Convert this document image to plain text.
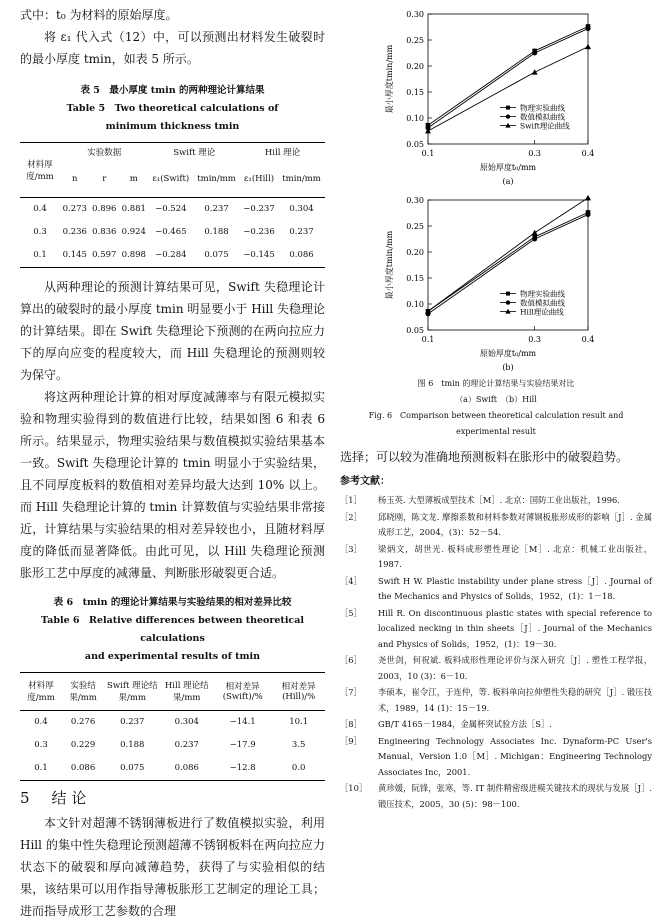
式中：t₀ 为材料的原始厚度。

将 ε₁ 代入式（12）中，可以预测出材料发生破裂时的最小厚度 tmin，如表 5 所示。

表 5　最小厚度 tmin 的两种理论计算结果
Table 5　Two theoretical calculations of
minimum thickness tmin
材料厚度/mm	实验数据			Swift 理论		Hill 理论	
	n	r	m	ε₁(Swift)	tmin/mm	ε₁(Hill)	tmin/mm
0.4	0.273	0.896	0.881	−0.524	0.237	−0.237	0.304
0.3	0.236	0.836	0.924	−0.465	0.188	−0.236	0.237
0.1	0.145	0.597	0.898	−0.284	0.075	−0.145	0.086

从两种理论的预测计算结果可见，Swift 失稳理论计算出的破裂时的最小厚度 tmin 明显要小于 Hill 失稳理论的计算结果。即在 Swift 失稳理论下预测的在两向拉应力下的厚向应变的程度较大，而 Hill 失稳理论的预测则较为保守。

将这两种理论计算的相对厚度减薄率与有限元模拟实验和物理实验得到的数值进行比较，结果如图 6 和表 6 所示。结果显示，物理实验结果与数值模拟实验结果基本一致。Swift 失稳理论计算的 tmin 明显小于实验结果，且不同厚度板料的数值相对差异均最大达到 10% 以上。而 Hill 失稳理论计算的 tmin 计算数值与实验结果非常接近，计算结果与实验结果的相对差异较也小，且随材料厚度的降低而显著降低。由此可见，以 Hill 失稳理论预测胀形工艺中厚度的减薄量、判断胀形破裂更合适。

表 6　tmin 的理论计算结果与实验结果的相对差异比较
Table 6　Relative differences between theoretical calculations
and experimental results of tmin
材料厚度/mm	实验结果/mm	Swift 理论结果/mm	Hill 理论结果/mm	相对差异(Swift)/%	相对差异(Hill)/%
0.4	0.276	0.237	0.304	−14.1	10.1
0.3	0.229	0.188	0.237	−17.9	3.5
0.1	0.086	0.075	0.086	−12.8	0.0
5 结 论

本文针对超薄不锈钢薄板进行了数值模拟实验，利用 Hill 的集中性失稳理论预测超薄不锈钢板料在两向拉应力状态下的破裂和厚向减薄趋势，获得了与实验相似的结果，该结果可以用作指导薄板胀形工艺制定的理论工具；进而指导成形工艺参数的合理

0.05
0.10
0.15
0.20
0.25
0.30
0.1	0.3	0.4
原始厚度t₀/mm
(a)
最小厚度tmin/mm	物理实验曲线
数值模拟曲线
Swift理论曲线
0.05
0.10
0.15
0.20
0.25
0.30
0.1	0.3	0.4
原始厚度t₀/mm
(b)
最小厚度tmin/mm	物理实验曲线
数值模拟曲线
Hill理论曲线
图 6　tmin 的理论计算结果与实验结果对比
（a）Swift　（b）Hill
Fig. 6　Comparison between theoretical calculation result and
experimental result

选择；可以较为准确地预测板料在胀形中的破裂趋势。

参考文献：
［1］	杨玉英. 大型薄板成型技术［M］. 北京：国防工业出版社，1996.
［2］	邱晓刚，陈文龙. 摩擦系数和材料参数对薄钢板胀形成形的影响［J］. 金属成形工艺，2004，(3)：52－54.
［3］	梁炳文，胡世光. 板料成形塑性理论［M］. 北京：机械工业出版社，1987.
［4］	Swift H W. Plastic instability under plane stress［J］. Journal of the Mechanics and Physics of Solids，1952，(1)：1－18.
［5］	Hill R. On discontinuous plastic states with special reference to localized necking in thin sheets［J］. Journal of the Mechanics and Physics of Solids，1952，(1)：19－30.
［6］	尧世剑，何祝斌. 板料成形性理论评价与深入研究［J］. 塑性工程学报，2003，10 (3)：6－10.
［7］	李硕本，崔令江，于连仲，等. 板料单向拉伸塑性失稳的研究［J］. 锻压技术，1989，14 (1)：15－19.
［8］	GB/T 4165－1984，金属杯突试验方法［S］.
［9］	Engineering Technology Associates Inc. Dynaform-PC User's Manual，Version 1.0［M］. Michigan：Engineering Technology Associates Inc，2001.
［10］	黄珍媛，阮锋，张寒，等. IT 制件精密级进模关键技术的现状与发展［J］. 锻压技术，2005，30 (5)：98－100.
